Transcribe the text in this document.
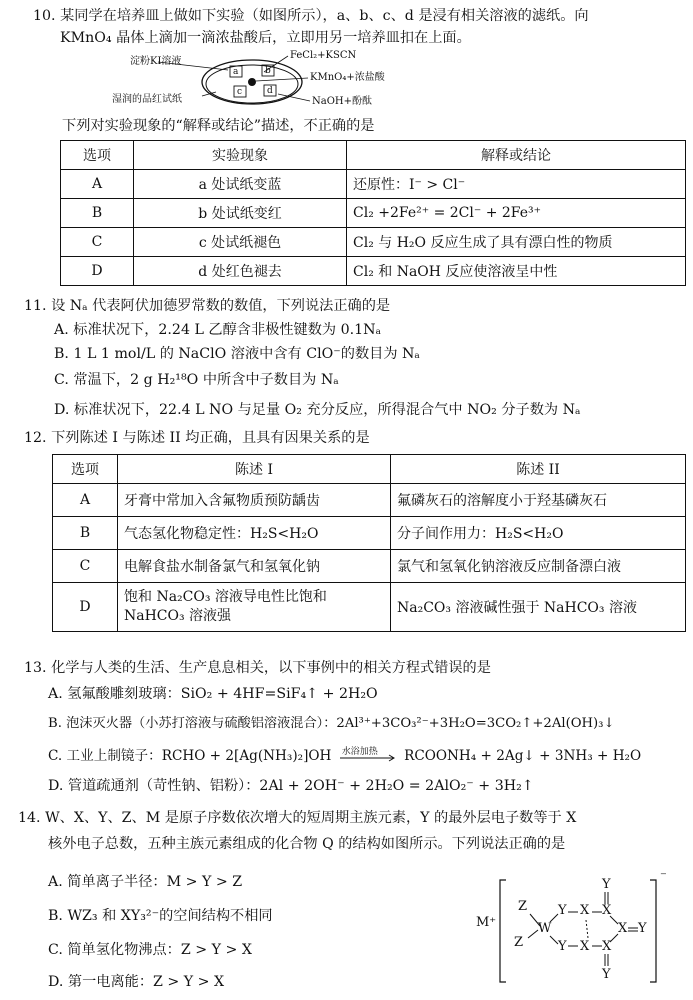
10. 某同学在培养皿上做如下实验（如图所示），a、b、c、d 是浸有相关溶液的滤纸。向
KMnO₄ 晶体上滴加一滴浓盐酸后，立即用另一培养皿扣在上面。
淀粉KI溶液
FeCl₂+KSCN
KMnO₄+浓盐酸
湿润的品红试纸	NaOH+酚酞
a	b
c	d
下列对实验现象的“解释或结论”描述，不正确的是
选项	实验现象	解释或结论
A	a 处试纸变蓝	还原性：I⁻ > Cl⁻
B	b 处试纸变红	Cl₂ +2Fe²⁺ = 2Cl⁻ + 2Fe³⁺
C	c 处试纸褪色	Cl₂ 与 H₂O 反应生成了具有漂白性的物质
D	d 处红色褪去	Cl₂ 和 NaOH 反应使溶液呈中性
11. 设 Nₐ 代表阿伏加德罗常数的数值，下列说法正确的是
A. 标准状况下，2.24 L 乙醇含非极性键数为 0.1Nₐ
B. 1 L 1 mol/L 的 NaClO 溶液中含有 ClO⁻的数目为 Nₐ
C. 常温下，2 g H₂¹⁸O 中所含中子数目为 Nₐ
D. 标准状况下，22.4 L NO 与足量 O₂ 充分反应，所得混合气中 NO₂ 分子数为 Nₐ
12. 下列陈述 I 与陈述 II 均正确，且具有因果关系的是
选项	陈述 I	陈述 II
A	牙膏中常加入含氟物质预防龋齿	氟磷灰石的溶解度小于羟基磷灰石
B	气态氢化物稳定性：H₂S<H₂O	分子间作用力：H₂S<H₂O
C	电解食盐水制备氯气和氢氧化钠	氯气和氢氧化钠溶液反应制备漂白液
D	饱和 Na₂CO₃ 溶液导电性比饱和
NaHCO₃ 溶液强	Na₂CO₃ 溶液碱性强于 NaHCO₃ 溶液
13. 化学与人类的生活、生产息息相关，以下事例中的相关方程式错误的是
A. 氢氟酸雕刻玻璃：SiO₂ + 4HF=SiF₄↑ + 2H₂O
B. 泡沫灭火器（小苏打溶液与硫酸铝溶液混合）：2Al³⁺+3CO₃²⁻+3H₂O=3CO₂↑+2Al(OH)₃↓
C. 工业上制镜子：RCHO + 2[Ag(NH₃)₂]OH 水浴加热 RCOONH₄ + 2Ag↓ + 3NH₃ + H₂O
D. 管道疏通剂（苛性钠、铝粉）：2Al + 2OH⁻ + 2H₂O = 2AlO₂⁻ + 3H₂↑
14. W、X、Y、Z、M 是原子序数依次增大的短周期主族元素，Y 的最外层电子数等于 X
核外电子总数，五种主族元素组成的化合物 Q 的结构如图所示。下列说法正确的是
A. 简单离子半径：M > Y > Z
B. WZ₃ 和 XY₃²⁻的空间结构不相同
C. 简单氢化物沸点：Z > Y > X
D. 第一电离能：Z > Y > X
M⁺
⁻
Z
Z
W
Y
Y
X
X
X
X
X Y
Y
Y
